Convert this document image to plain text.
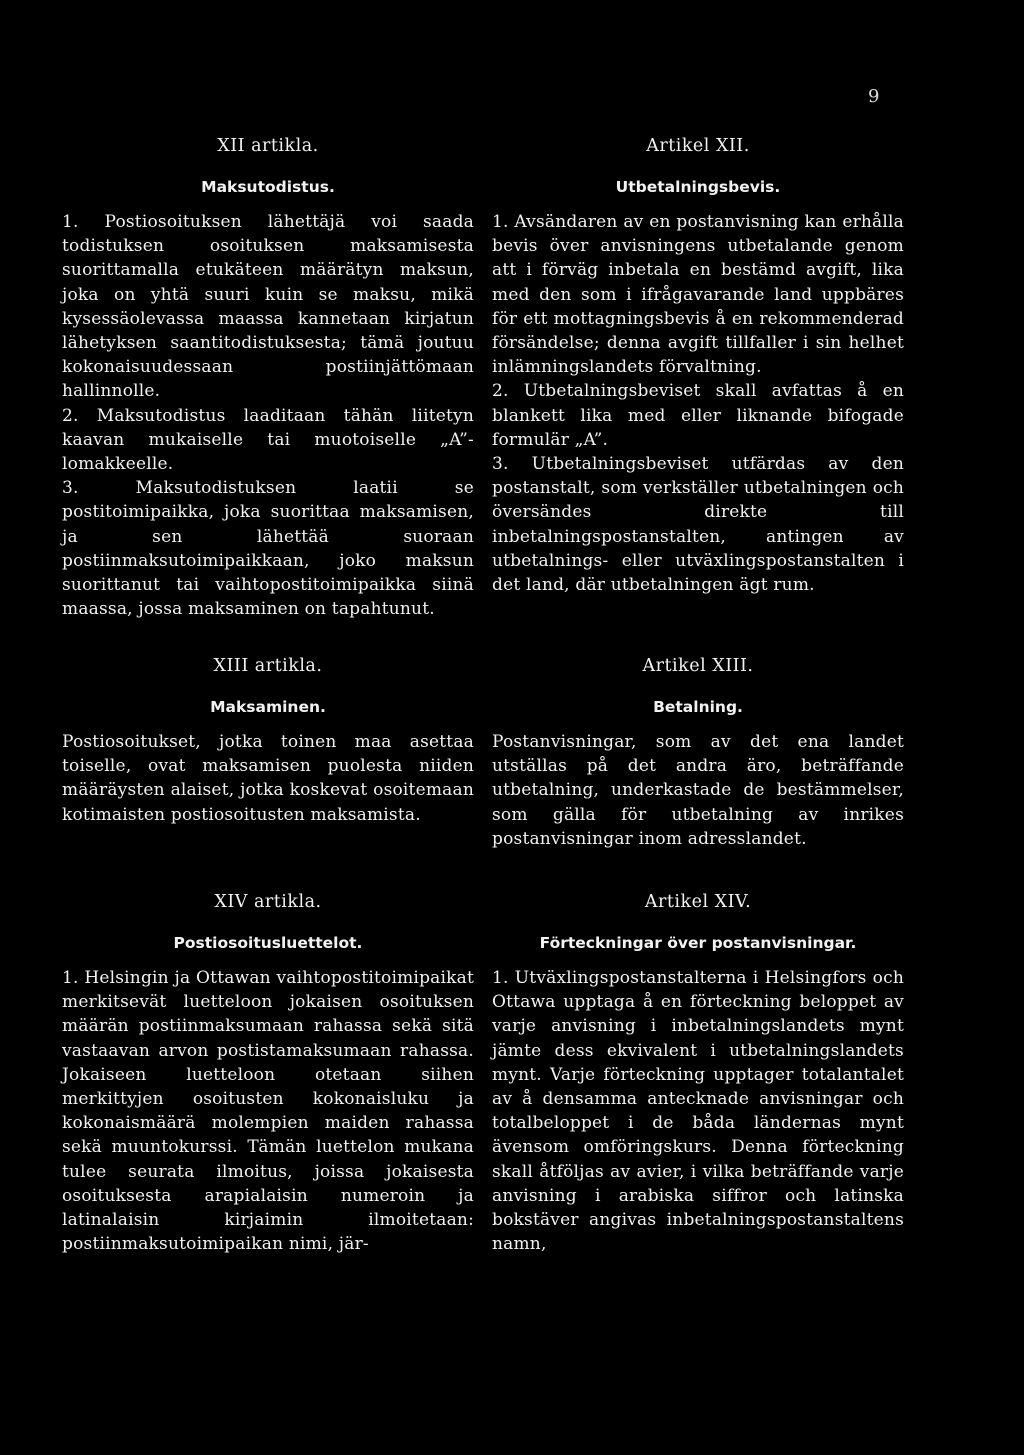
9
XII artikla.
Maksutodistus.

1. Postiosoituksen lähettäjä voi saada todistuksen osoituksen maksamisesta suorittamalla etukäteen määrätyn maksun, joka on yhtä suuri kuin se maksu, mikä kysessäolevassa maassa kannetaan kirjatun lähetyksen saantitodistuksesta; tämä joutuu kokonaisuudessaan postiinjättömaan hallinnolle.

2. Maksutodistus laaditaan tähän liitetyn kaavan mukaiselle tai muotoiselle „A”-lomakkeelle.

3. Maksutodistuksen laatii se postitoimipaikka, joka suorittaa maksamisen, ja sen lähettää suoraan postiinmaksutoimipaikkaan, joko maksun suorittanut tai vaihtopostitoimipaikka siinä maassa, jossa maksaminen on tapahtunut.

XIII artikla.
Maksaminen.

Postiosoitukset, jotka toinen maa asettaa toiselle, ovat maksamisen puolesta niiden määräysten alaiset, jotka koskevat osoitemaan kotimaisten postiosoitusten maksamista.

XIV artikla.
Postiosoitusluettelot.

1. Helsingin ja Ottawan vaihtopostitoimipaikat merkitsevät luetteloon jokaisen osoituksen määrän postiinmaksumaan rahassa sekä sitä vastaavan arvon postistamaksumaan rahassa. Jokaiseen luetteloon otetaan siihen merkittyjen osoitusten kokonaisluku ja kokonaismäärä molempien maiden rahassa sekä muuntokurssi. Tämän luettelon mukana tulee seurata ilmoitus, joissa jokaisesta osoituksesta arapialaisin numeroin ja latinalaisin kirjaimin ilmoitetaan: postiinmaksutoimipaikan nimi, jär-

Artikel XII.
Utbetalningsbevis.

1. Avsändaren av en postanvisning kan erhålla bevis över anvisningens utbetalande genom att i förväg inbetala en bestämd avgift, lika med den som i ifrågavarande land uppbäres för ett mottagningsbevis å en rekommenderad försändelse; denna avgift tillfaller i sin helhet inlämningslandets förvaltning.

2. Utbetalningsbeviset skall avfattas å en blankett lika med eller liknande bifogade formulär „A”.

3. Utbetalningsbeviset utfärdas av den postanstalt, som verkställer utbetalningen och översändes direkte till inbetalningspostanstalten, antingen av utbetalnings- eller utväxlingspostanstalten i det land, där utbetalningen ägt rum.

Artikel XIII.
Betalning.

Postanvisningar, som av det ena landet utställas på det andra äro, beträffande utbetalning, underkastade de bestämmelser, som gälla för utbetalning av inrikes postanvisningar inom adresslandet.

Artikel XIV.
Förteckningar över postanvisningar.

1. Utväxlingspostanstalterna i Helsingfors och Ottawa upptaga å en förteckning beloppet av varje anvisning i inbetalningslandets mynt jämte dess ekvivalent i utbetalningslandets mynt. Varje förteckning upptager totalantalet av å densamma antecknade anvisningar och totalbeloppet i de båda ländernas mynt ävensom omföringskurs. Denna förteckning skall åtföljas av avier, i vilka beträffande varje anvisning i arabiska siffror och latinska bokstäver angivas inbetalningspostanstaltens namn,
